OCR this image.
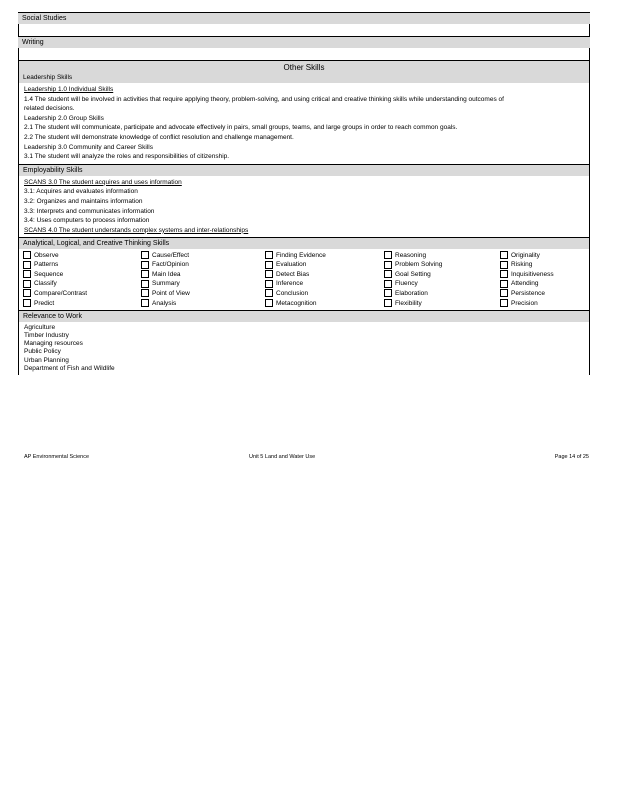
Social Studies
Writing
Other Skills
Leadership Skills
Leadership 1.0 Individual Skills
1.4 The student will be involved in activities that require applying theory, problem-solving, and using critical and creative thinking skills while understanding outcomes of
related decisions.
Leadership 2.0 Group Skills
2.1 The student will communicate, participate and advocate effectively in pairs, small groups, teams, and large groups in order to reach common goals.
2.2 The student will demonstrate knowledge of conflict resolution and challenge management.
Leadership 3.0 Community and Career Skills
3.1 The student will analyze the roles and responsibilities of citizenship.
Employability Skills
SCANS 3.0 The student acquires and uses information
3.1: Acquires and evaluates information
3.2: Organizes and maintains information
3.3: Interprets and communicates information
3.4: Uses computers to process information
SCANS 4.0 The student understands complex systems and inter-relationships
Analytical, Logical, and Creative Thinking Skills
Observe	Cause/Effect	Finding Evidence	Reasoning	Originality
Patterns	Fact/Opinion	Evaluation	Problem Solving	Risking
Sequence	Main Idea	Detect Bias	Goal Setting	Inquisitiveness
Classify	Summary	Inference	Fluency	Attending
Compare/Contrast	Point of View	Conclusion	Elaboration	Persistence
Predict	Analysis	Metacognition	Flexibility	Precision
Relevance to Work
Agriculture
Timber Industry
Managing resources
Public Policy
Urban Planning
Department of Fish and Wildlife
AP Environmental Science	Unit 5 Land and Water Use	Page 14 of 25
